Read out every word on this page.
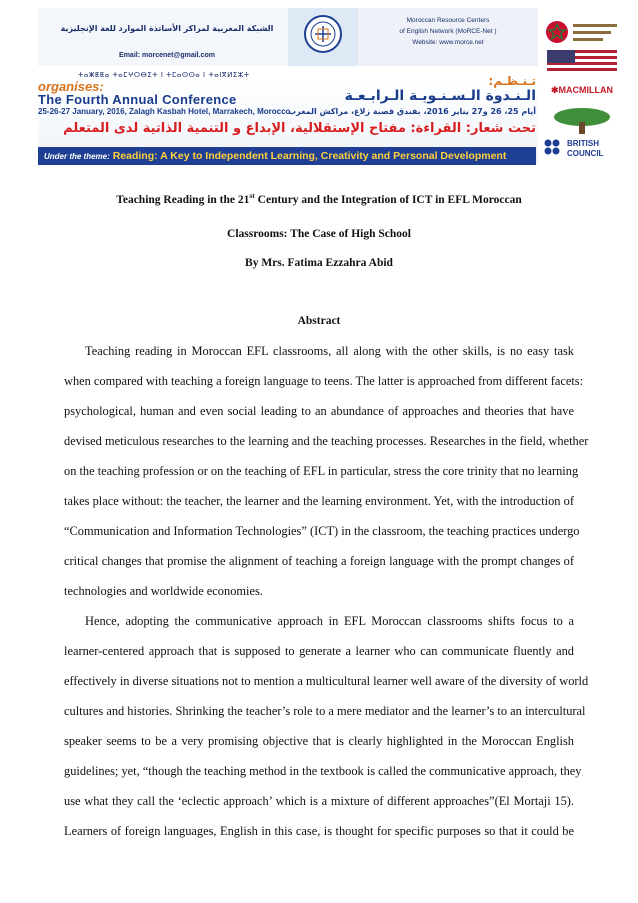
الشبكة المغربية لمراكز الأساتذة الموارد للغة الإنجليزية
Email: morcenet@gmail.com
Moroccan Resource Centers
of English Network (MoRCE-Net )
Website: www.morce.net
ⵜⴰⵥⵟⵟⴰ ⵜⴰⵎⵖⵔⴱⵉⵜ ⵏ ⵜⵎⴰⵙⵙⴰ ⵏ ⵜⴰⵏⴳⵍⵉⵣⵜ
organises:
The Fourth Annual Conference
25-26-27 January, 2016, Zalagh Kasbah Hotel, Marrakech, Morocco
تـنـظـم:
الـنـدوة الـسـنـويـة الـرابـعـة
أيام 25، 26 و27 يناير 2016، بفندق قصبة زلاغ، مراكش المغرب
تحت شعار: القراءة: مفتاح الإستقلالية، الإبداع و التنمية الذاتية لدى المتعلم
Under the theme: Reading: A Key to Independent Learning, Creativity and Personal Development
✱MACMILLAN
BRITISH
COUNCIL
Teaching Reading in the 21st Century and the Integration of ICT in EFL Moroccan
Classrooms: The Case of High School
By Mrs. Fatima Ezzahra Abid
Abstract
Teaching reading in Moroccan EFL classrooms, all along with the other skills, is no easy task
when compared with teaching a foreign language to teens. The latter is approached from different facets:
psychological, human and even social leading to an abundance of approaches and theories that have
devised meticulous researches to the learning and the teaching processes. Researches in the field, whether
on the teaching profession or on the teaching of EFL in particular, stress the core trinity that no learning
takes place without: the teacher, the learner and the learning environment. Yet, with the introduction of
“Communication and Information Technologies” (ICT) in the classroom, the teaching practices undergo
critical changes that promise the alignment of teaching a foreign language with the prompt changes of
technologies and worldwide economies.
Hence, adopting the communicative approach in EFL Moroccan classrooms shifts focus to a
learner-centered approach that is supposed to generate a learner who can communicate fluently and
effectively in diverse situations not to mention a multicultural learner well aware of the diversity of world
cultures and histories. Shrinking the teacher’s role to a mere mediator and the learner’s to an intercultural
speaker seems to be a very promising objective that is clearly highlighted in the Moroccan English
guidelines; yet, “though the teaching method in the textbook is called the communicative approach, they
use what they call the ‘eclectic approach’ which is a mixture of different approaches”(El Mortaji 15).
Learners of foreign languages, English in this case, is thought for specific purposes so that it could be
